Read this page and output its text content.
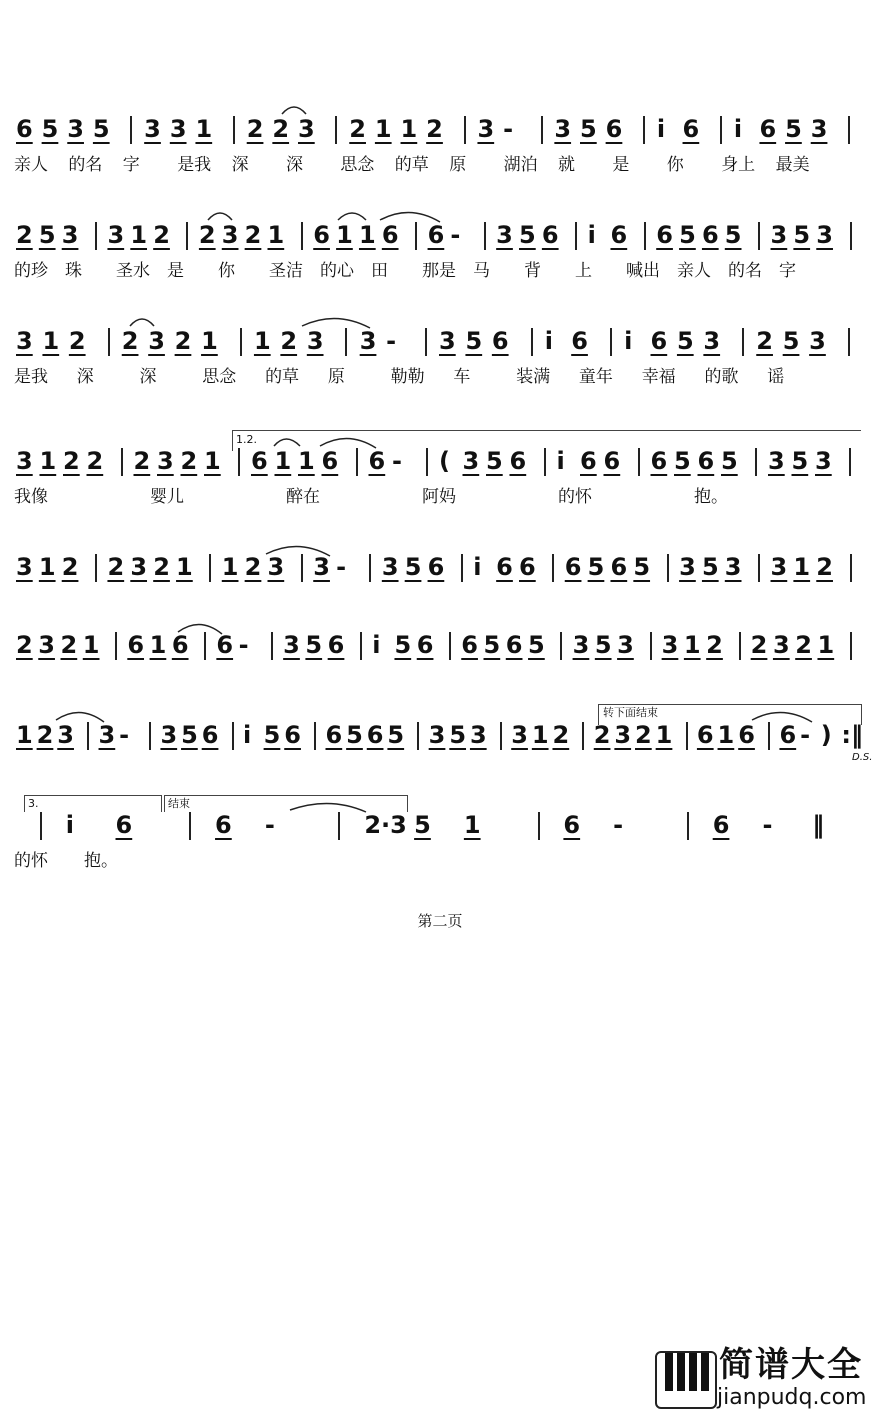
6 5 3 5 3 3 1 2 2 3 2 1 1 2 3 - 3 5 6 i 6 i 6 5 3
亲人 的名 字 是我 深 深 思念 的草 原 湖泊 就 是 你 身上 最美
2 5 3 3 1 2 2 3 2 1 6 1 1 6 6 - 3 5 6 i 6 6 5 6 5 3 5 3
的珍 珠 圣水 是 你 圣洁 的心 田 那是 马 背 上 喊出 亲人 的名 字
3 1 2 2 3 2 1 1 2 3 3 - 3 5 6 i 6 i 6 5 3 2 5 3
是我 深	深	思念 的草 原	勒勒 车	装满 童年 幸福 的歌 谣
3 1 2 2 2 3 2 1 6 1 1 6 6 - ( 3 5 6 i 6 6 6 5 6 5 3 5 3
我像	婴儿	醉在	阿妈	的怀	抱。
3 1 2 2 3 2 1 1 2 3 3 - 3 5 6 i 6 6 6 5 6 5 3 5 3 3 1 2
2 3 2 1 6 1 6 6 - 3 5 6 i 5 6 6 5 6 5 3 5 3 3 1 2 2 3 2 1
1 2 3 3 - 3 5 6 i 5 6 6 5 6 5 3 5 3 3 1 2 2 3 2 1 6 1 6 6 - ) :‖
i 6	6 -	2·3 5 1	6 -	6 - ‖
的怀 抱。
1.2.
转下面结束
D.S.
3.	结束
第二页
简谱大全
jianpudq.com
